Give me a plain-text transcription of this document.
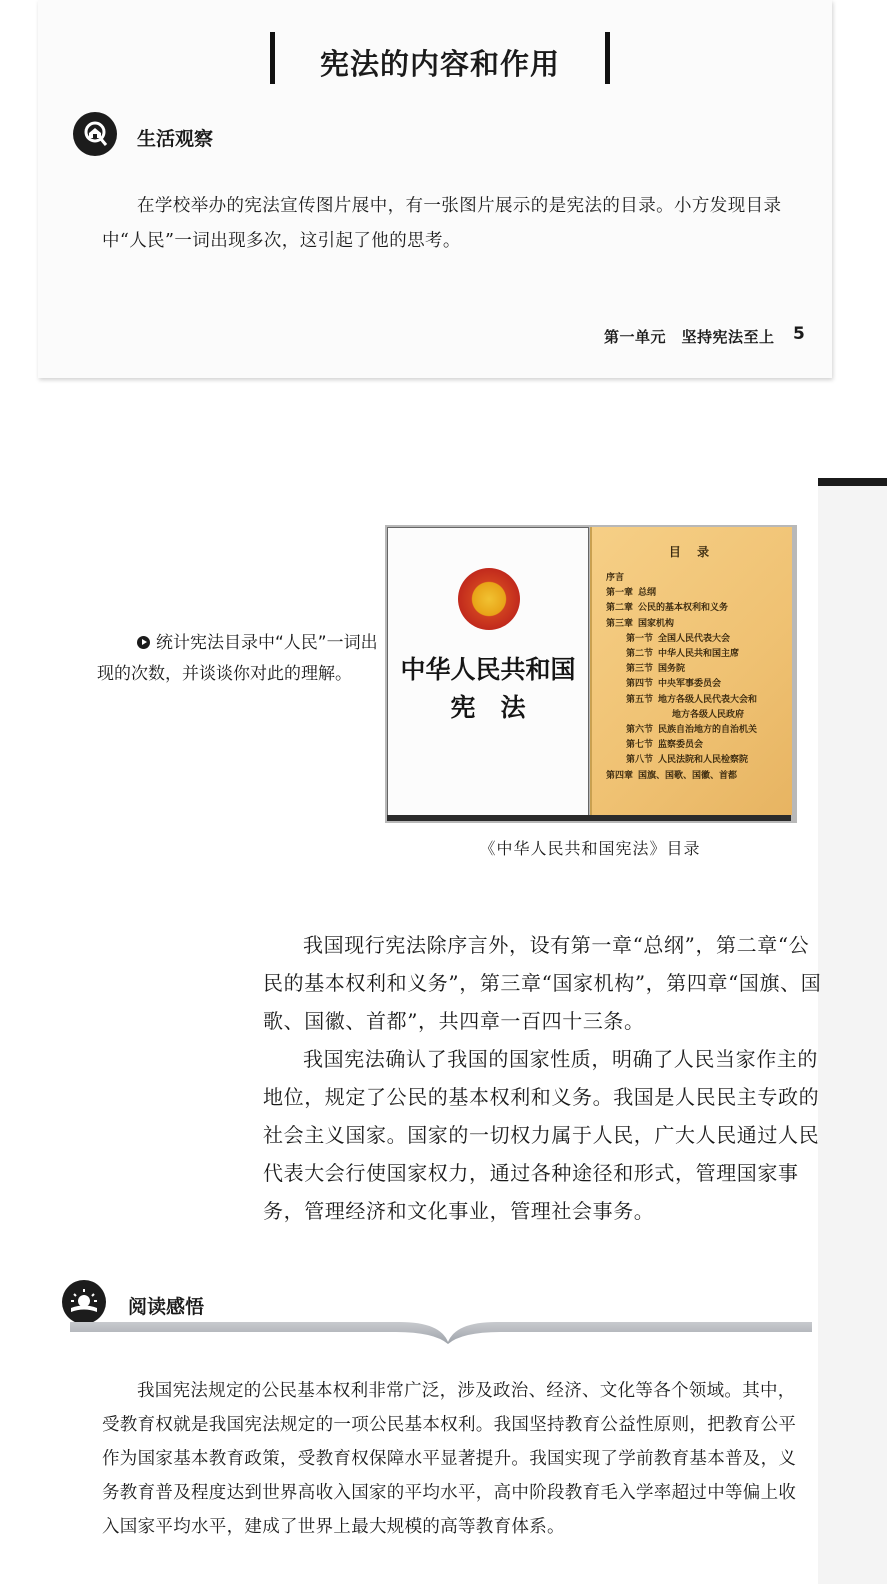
宪法的内容和作用
生活观察
在学校举办的宪法宣传图片展中，有一张图片展示的是宪法的目录。小方发现目录中“人民”一词出现多次，这引起了他的思考。
第一单元　坚持宪法至上 5
统计宪法目录中“人民”一词出现的次数，并谈谈你对此的理解。	中华人民共和国
宪　法
目 录
序言
第一章 总纲
第二章 公民的基本权利和义务
第三章 国家机构
第一节 全国人民代表大会
第二节 中华人民共和国主席
第三节 国务院
第四节 中央军事委员会
第五节 地方各级人民代表大会和
地方各级人民政府
第六节 民族自治地方的自治机关
第七节 监察委员会
第八节 人民法院和人民检察院
第四章 国旗、国歌、国徽、首都
《中华人民共和国宪法》目录
我国现行宪法除序言外，设有第一章“总纲”，第二章“公民的基本权利和义务”，第三章“国家机构”，第四章“国旗、国歌、国徽、首都”，共四章一百四十三条。
我国宪法确认了我国的国家性质，明确了人民当家作主的地位，规定了公民的基本权利和义务。我国是人民民主专政的社会主义国家。国家的一切权力属于人民，广大人民通过人民代表大会行使国家权力，通过各种途径和形式，管理国家事务，管理经济和文化事业，管理社会事务。
阅读感悟
我国宪法规定的公民基本权利非常广泛，涉及政治、经济、文化等各个领域。其中，受教育权就是我国宪法规定的一项公民基本权利。我国坚持教育公益性原则，把教育公平作为国家基本教育政策，受教育权保障水平显著提升。我国实现了学前教育基本普及，义务教育普及程度达到世界高收入国家的平均水平，高中阶段教育毛入学率超过中等偏上收入国家平均水平，建成了世界上最大规模的高等教育体系。
